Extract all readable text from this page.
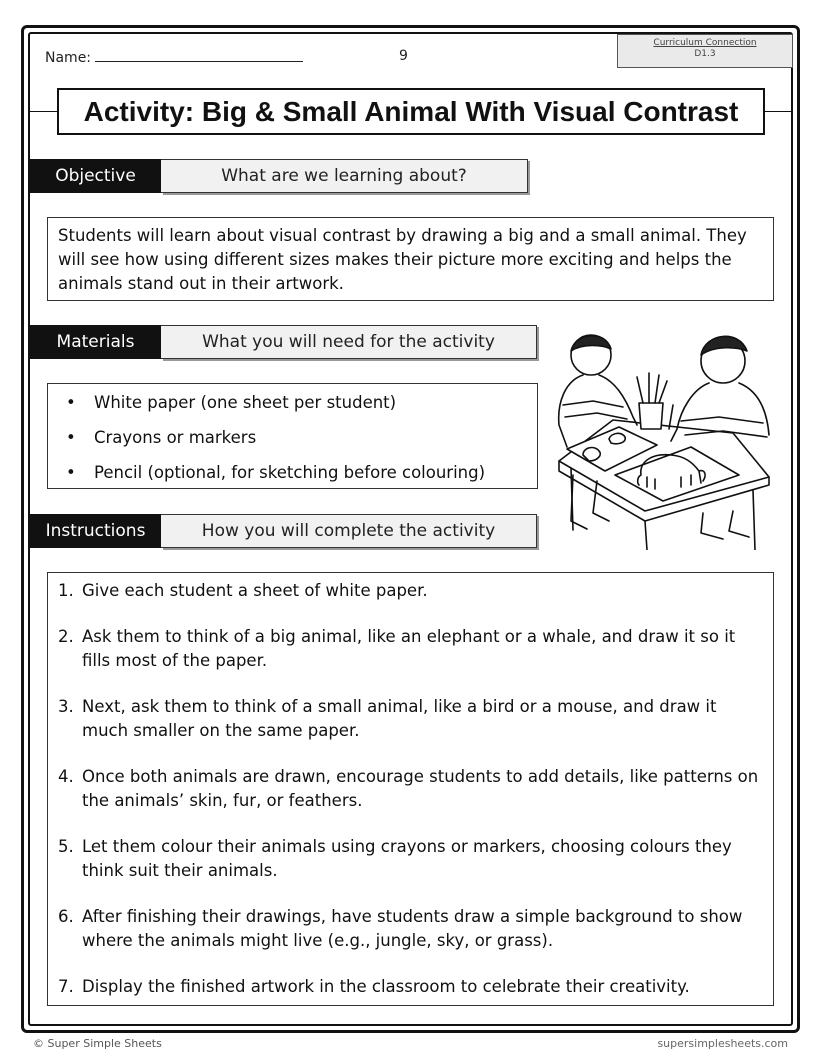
Name:	9
Curriculum Connection
D1.3
Activity: Big & Small Animal With Visual Contrast
Objective	What are we learning about?
Students will learn about visual contrast by drawing a big and a small animal. They will see how using different sizes makes their picture more exciting and helps the animals stand out in their artwork.
Materials	What you will need for the activity
• White paper (one sheet per student)
• Crayons or markers
• Pencil (optional, for sketching before colouring)
Instructions	How you will complete the activity
1. Give each student a sheet of white paper.
2. Ask them to think of a big animal, like an elephant or a whale, and draw it so it fills most of the paper.
3. Next, ask them to think of a small animal, like a bird or a mouse, and draw it much smaller on the same paper.
4. Once both animals are drawn, encourage students to add details, like patterns on the animals’ skin, fur, or feathers.
5. Let them colour their animals using crayons or markers, choosing colours they think suit their animals.
6. After finishing their drawings, have students draw a simple background to show where the animals might live (e.g., jungle, sky, or grass).
7. Display the finished artwork in the classroom to celebrate their creativity.
© Super Simple Sheets	supersimplesheets.com
